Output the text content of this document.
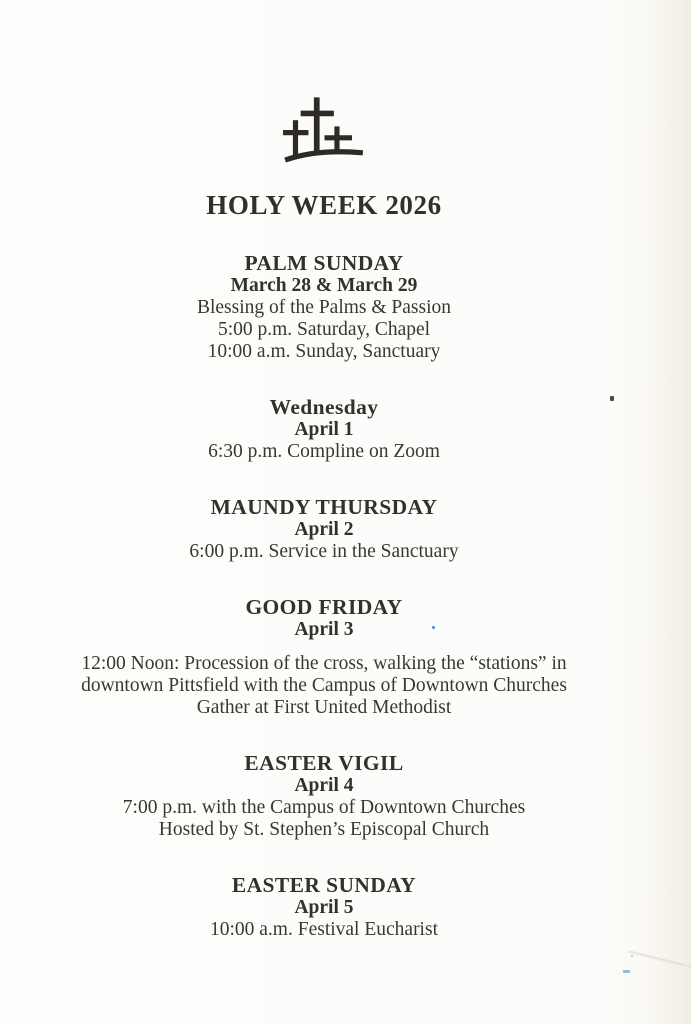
HOLY WEEK 2026
PALM SUNDAY
March 28 & March 29
Blessing of the Palms & Passion
5:00 p.m. Saturday, Chapel
10:00 a.m. Sunday, Sanctuary
Wednesday
April 1
6:30 p.m. Compline on Zoom
MAUNDY THURSDAY
April 2
6:00 p.m. Service in the Sanctuary
GOOD FRIDAY
April 3
12:00 Noon: Procession of the cross, walking the “stations” in
downtown Pittsfield with the Campus of Downtown Churches
Gather at First United Methodist
EASTER VIGIL
April 4
7:00 p.m. with the Campus of Downtown Churches
Hosted by St. Stephen’s Episcopal Church
EASTER SUNDAY
April 5
10:00 a.m. Festival Eucharist
